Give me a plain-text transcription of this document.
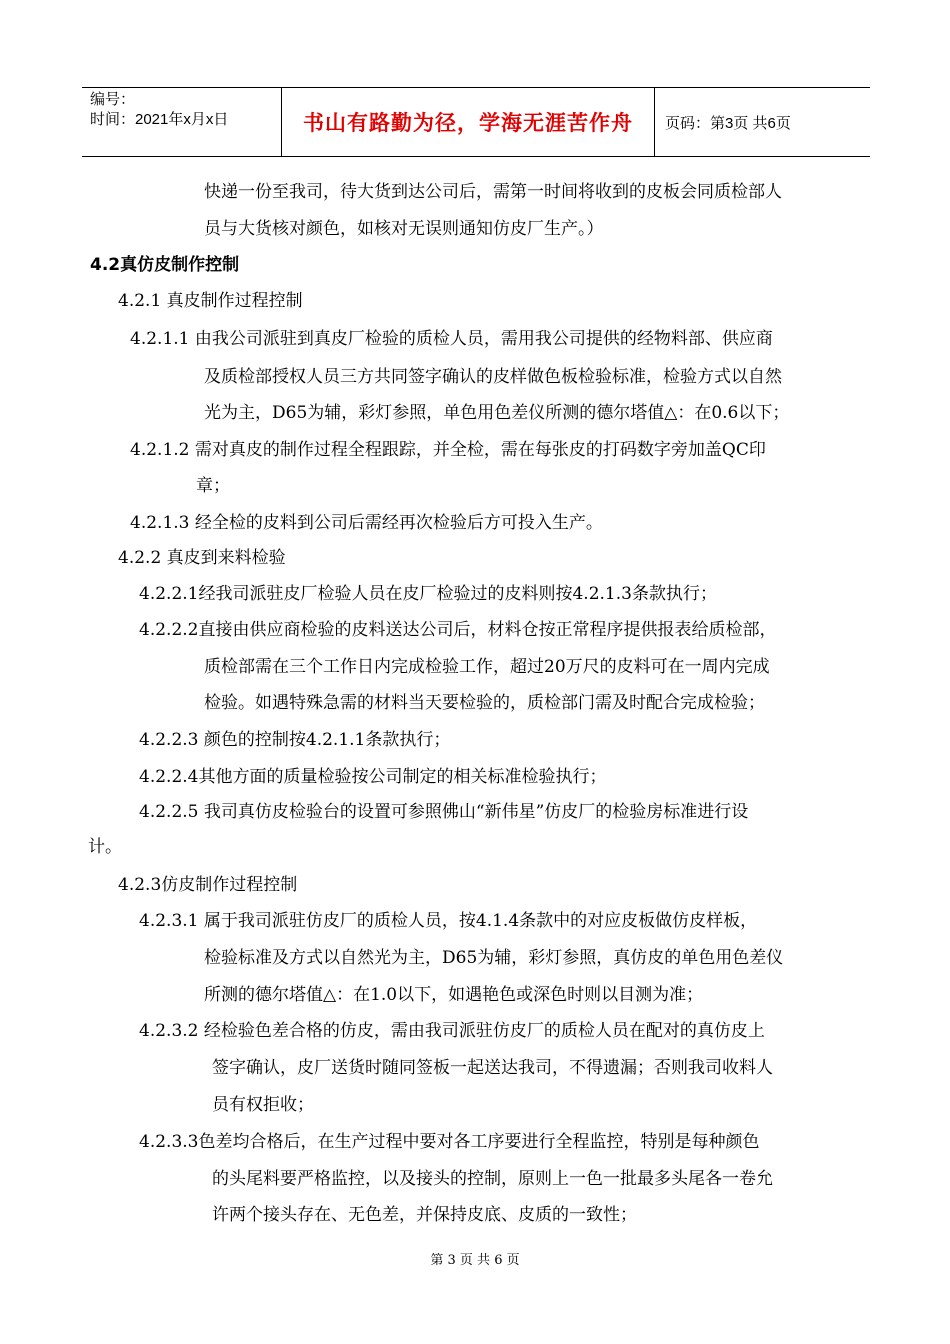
编号：
时间：2021年x月x日	书山有路勤为径，学海无涯苦作舟 页码：第3页 共6页
快递一份至我司，待大货到达公司后，需第一时间将收到的皮板会同质检部人
员与大货核对颜色，如核对无误则通知仿皮厂生产。）
4.2真仿皮制作控制
4.2.1 真皮制作过程控制
4.2.1.1 由我公司派驻到真皮厂检验的质检人员，需用我公司提供的经物料部、供应商
及质检部授权人员三方共同签字确认的皮样做色板检验标准，检验方式以自然
光为主，D65为辅，彩灯参照，单色用色差仪所测的德尔塔值△：在0.6以下；
4.2.1.2 需对真皮的制作过程全程跟踪，并全检，需在每张皮的打码数字旁加盖QC印
章；
4.2.1.3 经全检的皮料到公司后需经再次检验后方可投入生产。
4.2.2 真皮到来料检验
4.2.2.1经我司派驻皮厂检验人员在皮厂检验过的皮料则按4.2.1.3条款执行；
4.2.2.2直接由供应商检验的皮料送达公司后，材料仓按正常程序提供报表给质检部，
质检部需在三个工作日内完成检验工作，超过20万尺的皮料可在一周内完成
检验。如遇特殊急需的材料当天要检验的，质检部门需及时配合完成检验；
4.2.2.3 颜色的控制按4.2.1.1条款执行；
4.2.2.4其他方面的质量检验按公司制定的相关标准检验执行；
4.2.2.5 我司真仿皮检验台的设置可参照佛山“新伟星”仿皮厂的检验房标准进行设
计。
4.2.3仿皮制作过程控制
4.2.3.1 属于我司派驻仿皮厂的质检人员，按4.1.4条款中的对应皮板做仿皮样板，
检验标准及方式以自然光为主，D65为辅，彩灯参照，真仿皮的单色用色差仪
所测的德尔塔值△：在1.0以下，如遇艳色或深色时则以目测为准；
4.2.3.2 经检验色差合格的仿皮，需由我司派驻仿皮厂的质检人员在配对的真仿皮上
签字确认，皮厂送货时随同签板一起送达我司，不得遗漏；否则我司收料人
员有权拒收；
4.2.3.3色差均合格后，在生产过程中要对各工序要进行全程监控，特别是每种颜色
的头尾料要严格监控，以及接头的控制，原则上一色一批最多头尾各一卷允
许两个接头存在、无色差，并保持皮底、皮质的一致性；
第 3 页 共 6 页
